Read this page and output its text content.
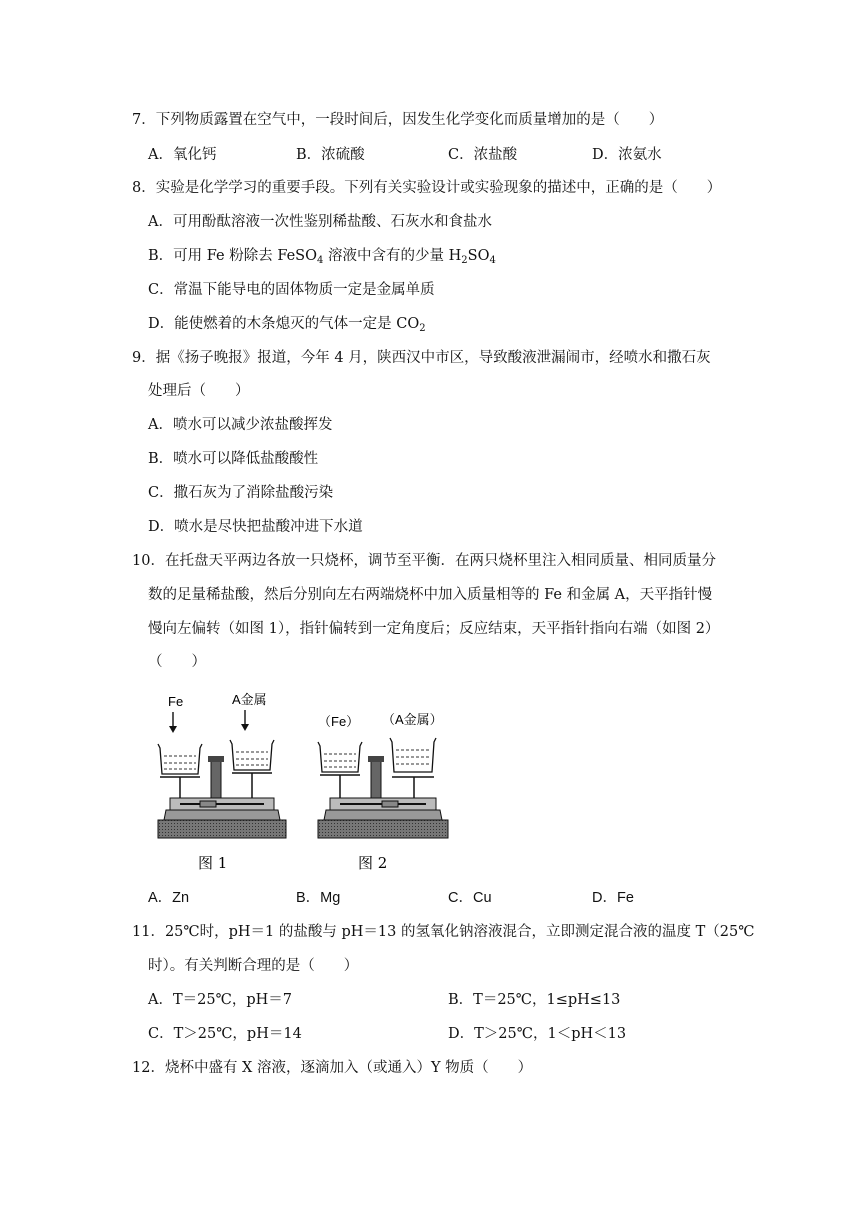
7．下列物质露置在空气中，一段时间后，因发生化学变化而质量增加的是（　　）
A．氧化钙	B．浓硫酸	C．浓盐酸	D．浓氨水
8．实验是化学学习的重要手段。下列有关实验设计或实验现象的描述中，正确的是（　　）
A．可用酚酞溶液一次性鉴别稀盐酸、石灰水和食盐水
B．可用 Fe 粉除去 FeSO$_4$ 溶液中含有的少量 $H_2SO_4$
C．常温下能导电的固体物质一定是金属单质
D．能使燃着的木条熄灭的气体一定是 $CO_2$
9．据《扬子晚报》报道，今年 4 月，陕西汉中市区，导致酸液泄漏闹市，经喷水和撒石灰
处理后（　　）
A．喷水可以减少浓盐酸挥发
B．喷水可以降低盐酸酸性
C．撒石灰为了消除盐酸污染
D．喷水是尽快把盐酸冲进下水道
10．在托盘天平两边各放一只烧杯，调节至平衡．在两只烧杯里注入相同质量、相同质量分
数的足量稀盐酸，然后分别向左右两端烧杯中加入质量相等的 Fe 和金属 A，天平指针慢
慢向左偏转（如图 1），指针偏转到一定角度后；反应结束，天平指针指向右端（如图 2）
（　　）
Fe	A金属
图 1
（Fe） （A金属）
图 2
A．Zn	B．Mg	C．Cu	D．Fe
11．25℃时，pH＝1 的盐酸与 pH＝13 的氢氧化钠溶液混合，立即测定混合液的温度 T（25℃
时）。有关判断合理的是（　　）
A．T＝25℃，pH＝7	B．T＝25℃，1≤pH≤13
C．T＞25℃，pH＝14	D．T＞25℃，1＜pH＜13
12．烧杯中盛有 X 溶液，逐滴加入（或通入）Y 物质（　　）
